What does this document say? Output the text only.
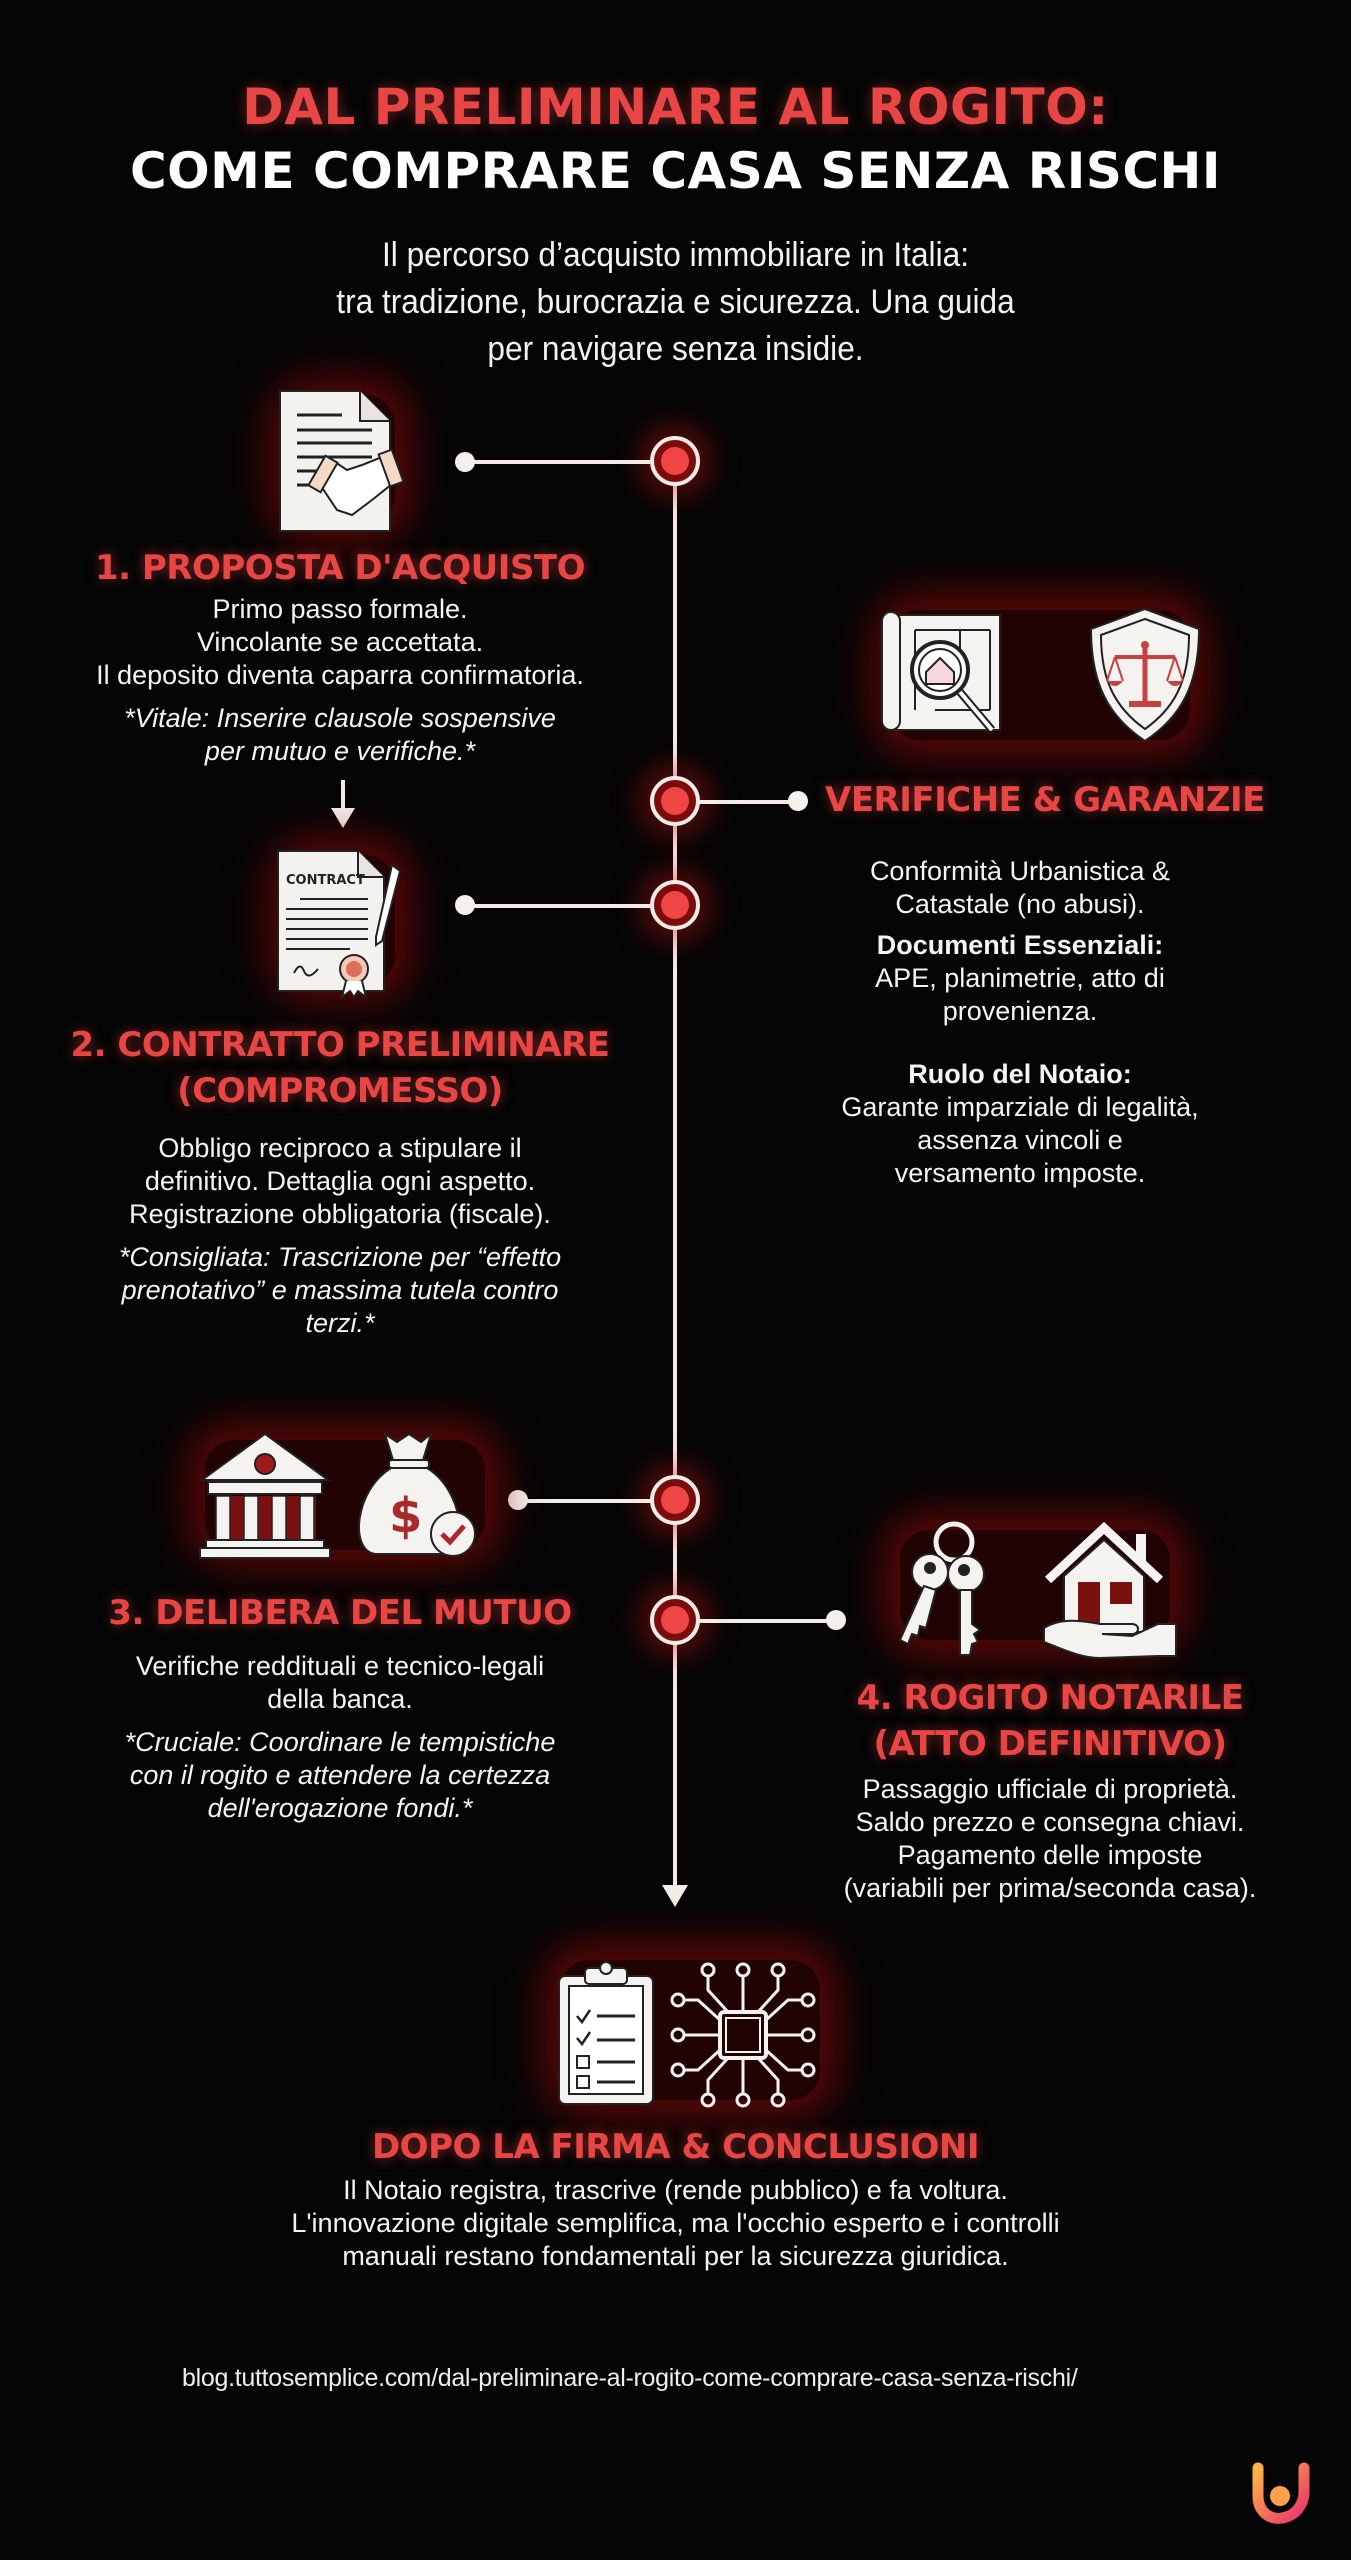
DAL PRELIMINARE AL ROGITO:
COME COMPRARE CASA SENZA RISCHI
Il percorso d’acquisto immobiliare in Italia:
tra tradizione, burocrazia e sicurezza. Una guida
per navigare senza insidie.
1. PROPOSTA D'ACQUISTO
Primo passo formale.
Vincolante se accettata.
Il deposito diventa caparra confirmatoria.
*Vitale: Inserire clausole sospensive
per mutuo e verifiche.*
VERIFICHE & GARANZIE
Conformità Urbanistica &
Catastale (no abusi).
Documenti Essenziali:
APE, planimetrie, atto di
provenienza.
Ruolo del Notaio:
Garante imparziale di legalità,
assenza vincoli e
versamento imposte.
CONTRACT
2. CONTRATTO PRELIMINARE
(COMPROMESSO)
Obbligo reciproco a stipulare il
definitivo. Dettaglia ogni aspetto.
Registrazione obbligatoria (fiscale).
*Consigliata: Trascrizione per “effetto
prenotativo” e massima tutela contro
terzi.*
$
3. DELIBERA DEL MUTUO
Verifiche reddituali e tecnico-legali
della banca.
*Cruciale: Coordinare le tempistiche
con il rogito e attendere la certezza
dell'erogazione fondi.*
4. ROGITO NOTARILE
(ATTO DEFINITIVO)
Passaggio ufficiale di proprietà.
Saldo prezzo e consegna chiavi.
Pagamento delle imposte
(variabili per prima/seconda casa).
DOPO LA FIRMA & CONCLUSIONI
Il Notaio registra, trascrive (rende pubblico) e fa voltura.
L'innovazione digitale semplifica, ma l'occhio esperto e i controlli
manuali restano fondamentali per la sicurezza giuridica.
blog.tuttosemplice.com/dal-preliminare-al-rogito-come-comprare-casa-senza-rischi/
